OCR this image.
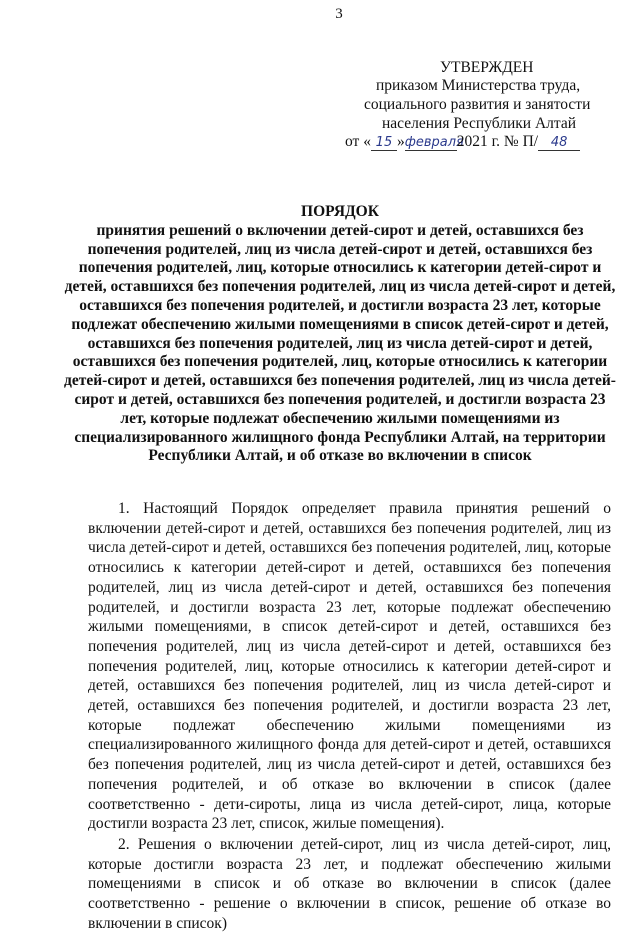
3
УТВЕРЖДЕН
приказом Министерства труда,
социального развития и занятости
населения Республики Алтай
от « 15 »февраля2021 г. № П/ 48
ПОРЯДОК
принятия решений о включении детей-сирот и детей, оставшихся без попечения родителей, лиц из числа детей-сирот и детей, оставшихся без попечения родителей, лиц, которые относились к категории детей-сирот и детей, оставшихся без попечения родителей, лиц из числа детей-сирот и детей, оставшихся без попечения родителей, и достигли возраста 23 лет, которые подлежат обеспечению жилыми помещениями в список детей-сирот и детей, оставшихся без попечения родителей, лиц из числа детей-сирот и детей, оставшихся без попечения родителей, лиц, которые относились к категории детей-сирот и детей, оставшихся без попечения родителей, лиц из числа детей-сирот и детей, оставшихся без попечения родителей, и достигли возраста 23 лет, которые подлежат обеспечению жилыми помещениями из специализированного жилищного фонда Республики Алтай, на территории Республики Алтай, и об отказе во включении в список

1. Настоящий Порядок определяет правила принятия решений о включении детей-сирот и детей, оставшихся без попечения родителей, лиц из числа детей-сирот и детей, оставшихся без попечения родителей, лиц, которые относились к категории детей-сирот и детей, оставшихся без попечения родителей, лиц из числа детей-сирот и детей, оставшихся без попечения родителей, и достигли возраста 23 лет, которые подлежат обеспечению жилыми помещениями, в список детей-сирот и детей, оставшихся без попечения родителей, лиц из числа детей-сирот и детей, оставшихся без попечения родителей, лиц, которые относились к категории детей-сирот и детей, оставшихся без попечения родителей, лиц из числа детей-сирот и детей, оставшихся без попечения родителей, и достигли возраста 23 лет, которые подлежат обеспечению жилыми помещениями из специализированного жилищного фонда для детей-сирот и детей, оставшихся без попечения родителей, лиц из числа детей-сирот и детей, оставшихся без попечения родителей, и об отказе во включении в список (далее соответственно - дети-сироты, лица из числа детей-сирот, лица, которые достигли возраста 23 лет, список, жилые помещения).

2. Решения о включении детей-сирот, лиц из числа детей-сирот, лиц, которые достигли возраста 23 лет, и подлежат обеспечению жилыми помещениями в список и об отказе во включении в список (далее соответственно - решение о включении в список, решение об отказе во включении в список)
